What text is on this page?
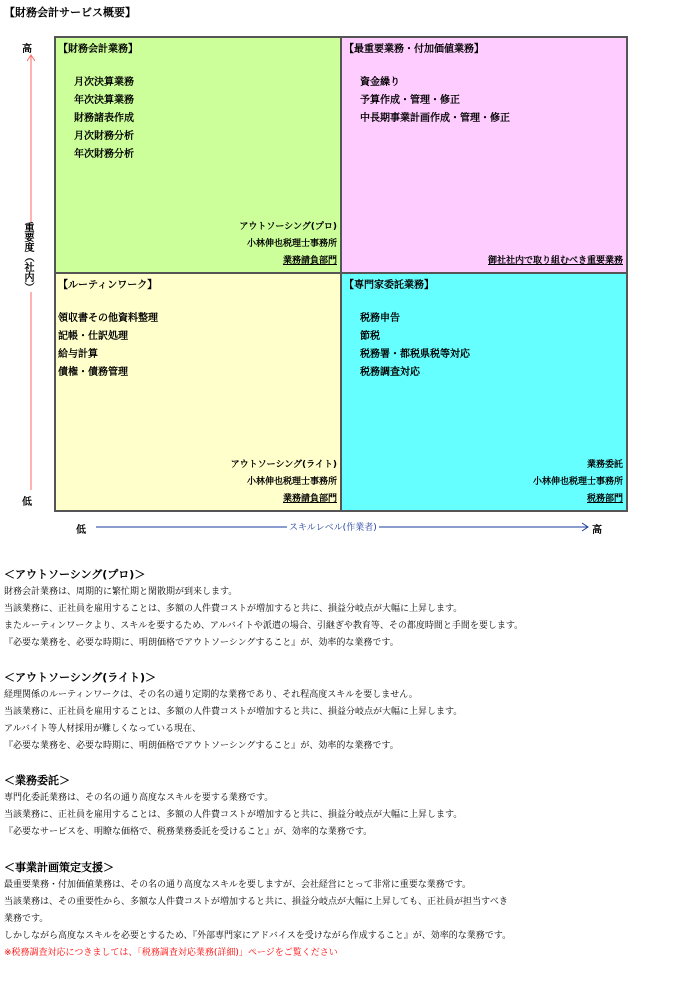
【財務会計サービス概要】
高
重要度（社内）
低
【財務会計業務】
月次決算業務
年次決算業務
財務諸表作成
月次財務分析
年次財務分析
アウトソーシング(プロ)
小林伸也税理士事務所
業務請負部門
【最重要業務・付加価値業務】
資金繰り
予算作成・管理・修正
中長期事業計画作成・管理・修正
御社社内で取り組むべき重要業務
【ルーティンワーク】
領収書その他資料整理
記帳・仕訳処理
給与計算
債権・債務管理
アウトソーシング(ライト)
小林伸也税理士事務所
業務請負部門
【専門家委託業務】
税務申告
節税
税務署・都税県税等対応
税務調査対応
業務委託
小林伸也税理士事務所
税務部門
低	スキルレベル(作業者)	高
＜アウトソーシング(プロ)＞

財務会計業務は、周期的に繁忙期と閑散期が到来します。

当該業務に、正社員を雇用することは、多額の人件費コストが増加すると共に、損益分岐点が大幅に上昇します。

またルーティンワークより、スキルを要するため、アルバイトや派遣の場合、引継ぎや教育等、その都度時間と手間を要します。

『必要な業務を、必要な時期に、明朗価格でアウトソーシングすること』が、効率的な業務です。

＜アウトソーシング(ライト)＞

経理関係のルーティンワークは、その名の通り定期的な業務であり、それ程高度スキルを要しません。

当該業務に、正社員を雇用することは、多額の人件費コストが増加すると共に、損益分岐点が大幅に上昇します。

アルバイト等人材採用が難しくなっている現在、

『必要な業務を、必要な時期に、明朗価格でアウトソーシングすること』が、効率的な業務です。

＜業務委託＞

専門化委託業務は、その名の通り高度なスキルを要する業務です。

当該業務に、正社員を雇用することは、多額の人件費コストが増加すると共に、損益分岐点が大幅に上昇します。

『必要なサービスを、明瞭な価格で、税務業務委託を受けること』が、効率的な業務です。

＜事業計画策定支援＞

最重要業務・付加価値業務は、その名の通り高度なスキルを要しますが、会社経営にとって非常に重要な業務です。

当該業務は、その重要性から、多額な人件費コストが増加すると共に、損益分岐点が大幅に上昇しても、正社員が担当すべき

業務です。

しかしながら高度なスキルを必要とするため、『外部専門家にアドバイスを受けながら作成すること』が、効率的な業務です。

※税務調査対応につきましては、「税務調査対応業務(詳細)」ページをご覧ください
